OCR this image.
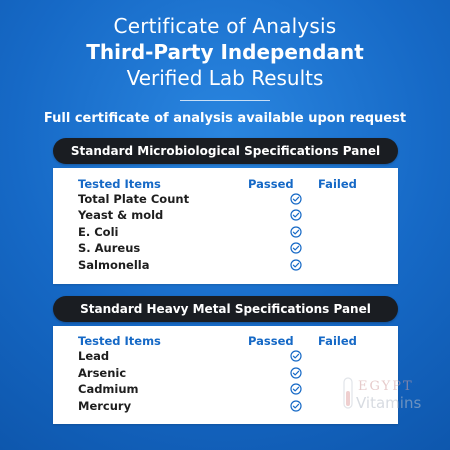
Certificate of Analysis
Third-Party Independant
Verified Lab Results
Full certificate of analysis available upon request
Standard Microbiological Specifications Panel
Tested Items	Passed Failed
Total Plate Count
Yeast & mold
E. Coli
S. Aureus
Salmonella
Standard Heavy Metal Specifications Panel
Tested Items	Passed Failed
Lead
Arsenic
Cadmium
Mercury
EGYPT
Vitamins
